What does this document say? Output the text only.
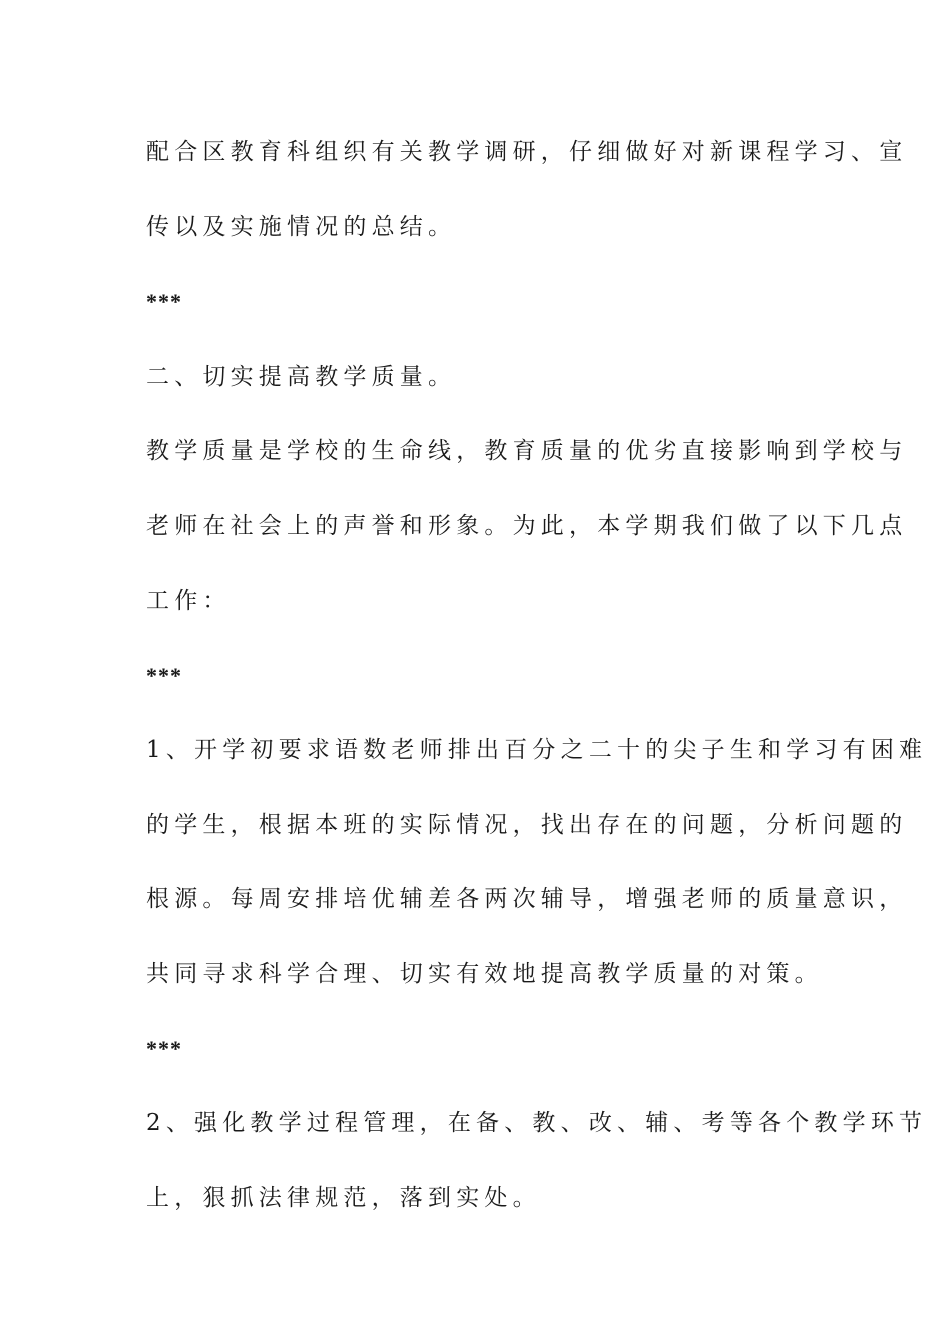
配合区教育科组织有关教学调研，仔细做好对新课程学习、宣
传以及实施情况的总结。
***
二、切实提高教学质量。
教学质量是学校的生命线，教育质量的优劣直接影响到学校与
老师在社会上的声誉和形象。为此，本学期我们做了以下几点
工作：
***
1、开学初要求语数老师排出百分之二十的尖子生和学习有困难
的学生，根据本班的实际情况，找出存在的问题，分析问题的
根源。每周安排培优辅差各两次辅导，增强老师的质量意识，
共同寻求科学合理、切实有效地提高教学质量的对策。
***
2、强化教学过程管理，在备、教、改、辅、考等各个教学环节
上，狠抓法律规范，落到实处。
